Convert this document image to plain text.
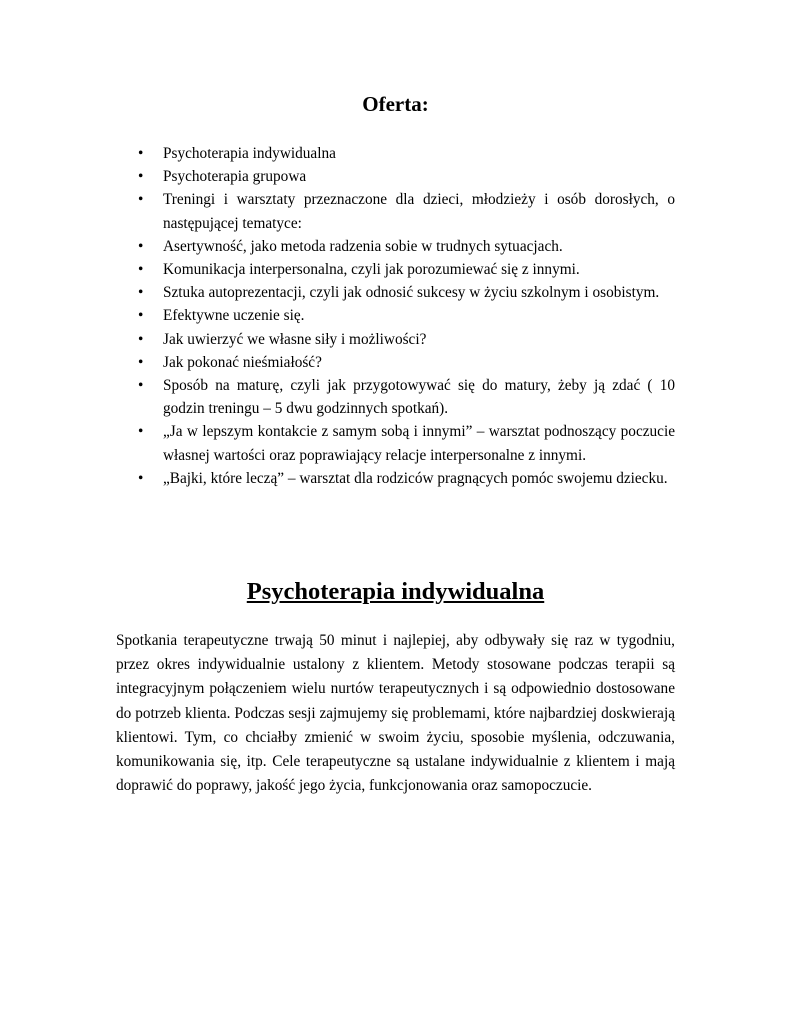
Oferta:
• Psychoterapia indywidualna
• Psychoterapia grupowa
• Treningi i warsztaty przeznaczone dla dzieci, młodzieży i osób dorosłych, o następującej tematyce:
• Asertywność, jako metoda radzenia sobie w trudnych sytuacjach.
• Komunikacja interpersonalna, czyli jak porozumiewać się z innymi.
• Sztuka autoprezentacji, czyli jak odnosić sukcesy w życiu szkolnym i osobistym.
• Efektywne uczenie się.
• Jak uwierzyć we własne siły i możliwości?
• Jak pokonać nieśmiałość?
• Sposób na maturę, czyli jak przygotowywać się do matury, żeby ją zdać ( 10 godzin treningu – 5 dwu godzinnych spotkań).
• „Ja w lepszym kontakcie z samym sobą i innymi” – warsztat podnoszący poczucie własnej wartości oraz poprawiający relacje interpersonalne z innymi.
• „Bajki, które leczą” – warsztat dla rodziców pragnących pomóc swojemu dziecku.
Psychoterapia indywidualna

Spotkania terapeutyczne trwają 50 minut i najlepiej, aby odbywały się raz w tygodniu, przez okres indywidualnie ustalony z klientem. Metody stosowane podczas terapii są integracyjnym połączeniem wielu nurtów terapeutycznych i są odpowiednio dostosowane do potrzeb klienta. Podczas sesji zajmujemy się problemami, które najbardziej doskwierają klientowi. Tym, co chciałby zmienić w swoim życiu, sposobie myślenia, odczuwania, komunikowania się, itp. Cele terapeutyczne są ustalane indywidualnie z klientem i mają doprawić do poprawy, jakość jego życia, funkcjonowania oraz samopoczucie.
